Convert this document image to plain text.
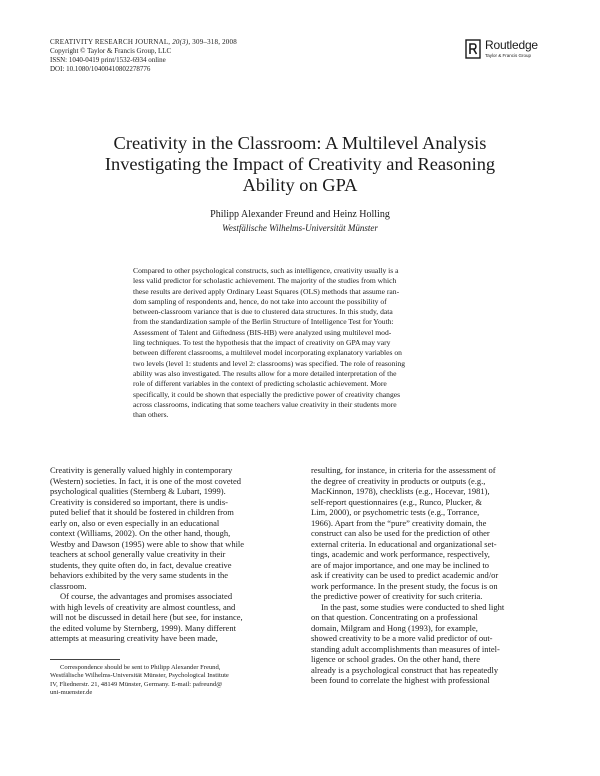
CREATIVITY RESEARCH JOURNAL, 20(3), 309–318, 2008
Copyright © Taylor & Francis Group, LLC
ISSN: 1040-0419 print/1532-6934 online
DOI: 10.1080/10400410802278776
Routledge
Taylor & Francis Group
Creativity in the Classroom: A Multilevel Analysis
Investigating the Impact of Creativity and Reasoning
Ability on GPA
Philipp Alexander Freund and Heinz Holling
Westfälische Wilhelms-Universität Münster
Compared to other psychological constructs, such as intelligence, creativity usually is a
less valid predictor for scholastic achievement. The majority of the studies from which
these results are derived apply Ordinary Least Squares (OLS) methods that assume ran-
dom sampling of respondents and, hence, do not take into account the possibility of
between-classroom variance that is due to clustered data structures. In this study, data
from the standardization sample of the Berlin Structure of Intelligence Test for Youth:
Assessment of Talent and Giftedness (BIS-HB) were analyzed using multilevel mod-
ling techniques. To test the hypothesis that the impact of creativity on GPA may vary
between different classrooms, a multilevel model incorporating explanatory variables on
two levels (level 1: students and level 2: classrooms) was specified. The role of reasoning
ability was also investigated. The results allow for a more detailed interpretation of the
role of different variables in the context of predicting scholastic achievement. More
specifically, it could be shown that especially the predictive power of creativity changes
across classrooms, indicating that some teachers value creativity in their students more
than others.
Creativity is generally valued highly in contemporary
(Western) societies. In fact, it is one of the most coveted
psychological qualities (Sternberg & Lubart, 1999).
Creativity is considered so important, there is undis-
puted belief that it should be fostered in children from
early on, also or even especially in an educational
context (Williams, 2002). On the other hand, though,
Westby and Dawson (1995) were able to show that while
teachers at school generally value creativity in their
students, they quite often do, in fact, devalue creative
behaviors exhibited by the very same students in the
classroom.
Of course, the advantages and promises associated
with high levels of creativity are almost countless, and
will not be discussed in detail here (but see, for instance,
the edited volume by Sternberg, 1999). Many different
attempts at measuring creativity have been made,
resulting, for instance, in criteria for the assessment of
the degree of creativity in products or outputs (e.g.,
MacKinnon, 1978), checklists (e.g., Hocevar, 1981),
self-report questionnaires (e.g., Runco, Plucker, &
Lim, 2000), or psychometric tests (e.g., Torrance,
1966). Apart from the “pure” creativity domain, the
construct can also be used for the prediction of other
external criteria. In educational and organizational set-
tings, academic and work performance, respectively,
are of major importance, and one may be inclined to
ask if creativity can be used to predict academic and/or
work performance. In the present study, the focus is on
the predictive power of creativity for such criteria.
In the past, some studies were conducted to shed light
on that question. Concentrating on a professional
domain, Milgram and Hong (1993), for example,
showed creativity to be a more valid predictor of out-
standing adult accomplishments than measures of intel-
ligence or school grades. On the other hand, there
already is a psychological construct that has repeatedly
been found to correlate the highest with professional
Correspondence should be sent to Philipp Alexander Freund,
Westfälische Wilhelms-Universität Münster, Psychological Institute
IV, Fliednerstr. 21, 48149 Münster, Germany. E-mail: pafreund@
uni-muenster.de
